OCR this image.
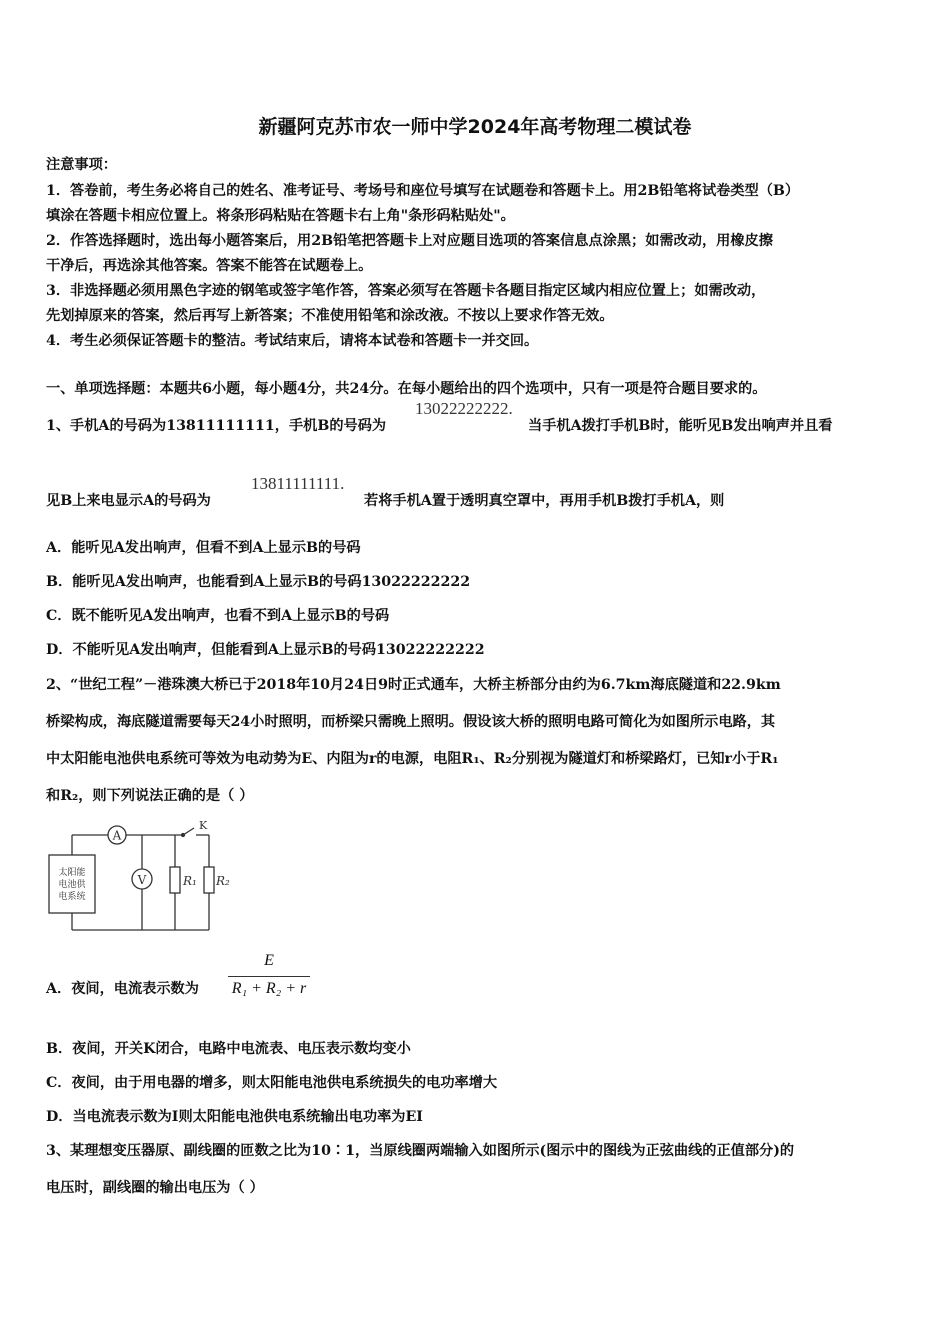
新疆阿克苏市农一师中学2024年高考物理二模试卷
注意事项：
1．答卷前，考生务必将自己的姓名、准考证号、考场号和座位号填写在试题卷和答题卡上。用2B铅笔将试卷类型（B）
填涂在答题卡相应位置上。将条形码粘贴在答题卡右上角"条形码粘贴处"。
2．作答选择题时，选出每小题答案后，用2B铅笔把答题卡上对应题目选项的答案信息点涂黑；如需改动，用橡皮擦
干净后，再选涂其他答案。答案不能答在试题卷上。
3．非选择题必须用黑色字迹的钢笔或签字笔作答，答案必须写在答题卡各题目指定区域内相应位置上；如需改动，
先划掉原来的答案，然后再写上新答案；不准使用铅笔和涂改液。不按以上要求作答无效。
4．考生必须保证答题卡的整洁。考试结束后，请将本试卷和答题卡一并交回。
一、单项选择题：本题共6小题，每小题4分，共24分。在每小题给出的四个选项中，只有一项是符合题目要求的。
1、手机A的号码为13811111111，手机B的号码为
13022222222.
当手机A拨打手机B时，能听见B发出响声并且看
见B上来电显示A的号码为
13811111111.
若将手机A置于透明真空罩中，再用手机B拨打手机A，则
A．能听见A发出响声，但看不到A上显示B的号码
B．能听见A发出响声，也能看到A上显示B的号码13022222222
C．既不能听见A发出响声，也看不到A上显示B的号码
D．不能听见A发出响声，但能看到A上显示B的号码13022222222
2、“世纪工程”－港珠澳大桥已于2018年10月24日9时正式通车，大桥主桥部分由约为6.7km海底隧道和22.9km
桥梁构成，海底隧道需要每天24小时照明，而桥梁只需晚上照明。假设该大桥的照明电路可简化为如图所示电路，其
中太阳能电池供电系统可等效为电动势为E、内阻为r的电源，电阻R₁、R₂分别视为隧道灯和桥梁路灯，已知r小于R₁
和R₂，则下列说法正确的是（ ）
A
V
K
R₁ R₂
太阳能
电池供
电系统
A．夜间，电流表示数为
E
R₁ + R₂ + r
B．夜间，开关K闭合，电路中电流表、电压表示数均变小
C．夜间，由于用电器的增多，则太阳能电池供电系统损失的电功率增大
D．当电流表示数为I则太阳能电池供电系统输出电功率为EI
3、某理想变压器原、副线圈的匝数之比为10∶1，当原线圈两端输入如图所示(图示中的图线为正弦曲线的正值部分)的
电压时，副线圈的输出电压为（ ）
